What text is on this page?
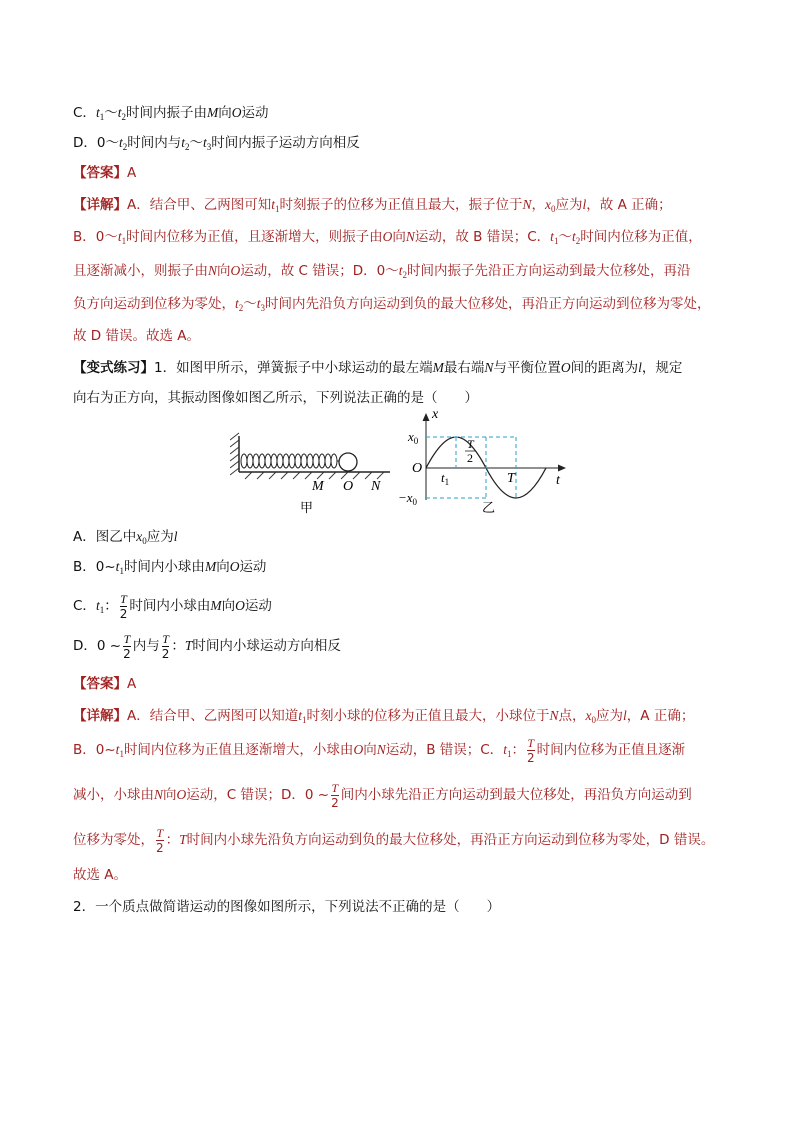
C．$t_1\sim t_2$时间内振子由M向O运动
D．$0\sim t_2$时间内与$t_2\sim t_3$时间内振子运动方向相反
【答案】A
【详解】A．结合甲、乙两图可知$t_1$时刻振子的位移为正值且最大，振子位于N，$x_0$应为l，故 A 正确；
B．$0\sim t_1$时间内位移为正值，且逐渐增大，则振子由O向N运动，故 B 错误；C．$t_1\sim t_2$时间内位移为正值，
且逐渐减小，则振子由N向O运动，故 C 错误；D．$0\sim t_2$时间内振子先沿正方向运动到最大位移处，再沿
负方向运动到位移为零处，$t_2\sim t_3$时间内先沿负方向运动到负的最大位移处，再沿正方向运动到位移为零处，
故 D 错误。故选 A。
【变式练习】1．如图甲所示，弹簧振子中小球运动的最左端M最右端N与平衡位置O间的距离为l，规定
向右为正方向，其振动图像如图乙所示，下列说法正确的是（　　）
M O N
甲
x
t
O
$x_0$
$-x_0$
$t_1$
T
2
T
乙
A．图乙中$x_0$应为l
B．$0\sim t_1$时间内小球由M向O运动
C．$t_1$： $\frac{T}{2}$ 时间内小球由M向O运动
D．0 ~ $\frac{T}{2}$ 内与 $\frac{T}{2}$ ：T时间内小球运动方向相反
【答案】A
【详解】A．结合甲、乙两图可以知道$t_1$时刻小球的位移为正值且最大，小球位于N点，$x_0$应为l，A 正确；
B．$0\sim t_1$时间内位移为正值且逐渐增大，小球由O向N运动，B 错误；C．$t_1$： $\frac{T}{2}$ 时间内位移为正值且逐渐
减小，小球由N向O运动，C 错误；D．0 ~ $\frac{T}{2}$ 间内小球先沿正方向运动到最大位移处，再沿负方向运动到
位移为零处， $\frac{T}{2}$ ：T时间内小球先沿负方向运动到负的最大位移处，再沿正方向运动到位移为零处，D 错误。
故选 A。
2．一个质点做简谐运动的图像如图所示，下列说法不正确的是（　　）
